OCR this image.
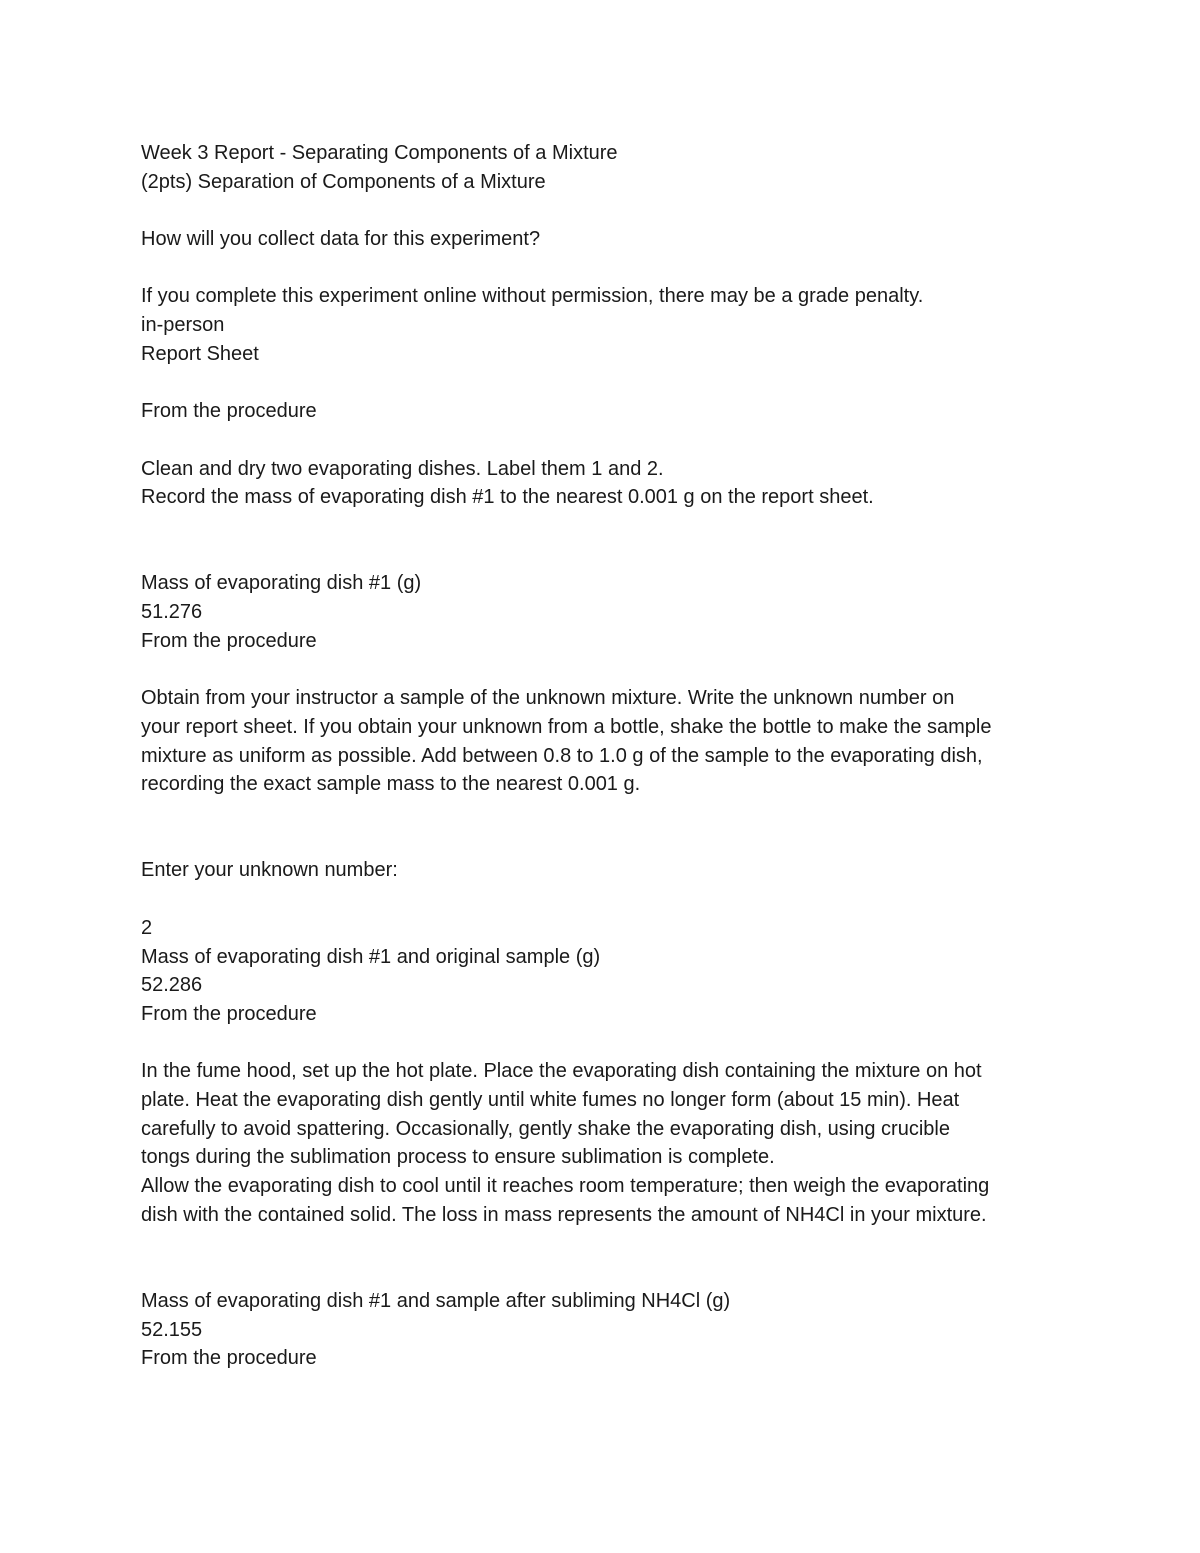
Week 3 Report - Separating Components of a Mixture
(2pts) Separation of Components of a Mixture
How will you collect data for this experiment?
If you complete this experiment online without permission, there may be a grade penalty.
in-person
Report Sheet
From the procedure
Clean and dry two evaporating dishes. Label them 1 and 2.
Record the mass of evaporating dish #1 to the nearest 0.001 g on the report sheet.
Mass of evaporating dish #1 (g)
51.276
From the procedure
Obtain from your instructor a sample of the unknown mixture. Write the unknown number on
your report sheet. If you obtain your unknown from a bottle, shake the bottle to make the sample
mixture as uniform as possible. Add between 0.8 to 1.0 g of the sample to the evaporating dish,
recording the exact sample mass to the nearest 0.001 g.
Enter your unknown number:
2
Mass of evaporating dish #1 and original sample (g)
52.286
From the procedure
In the fume hood, set up the hot plate. Place the evaporating dish containing the mixture on hot
plate. Heat the evaporating dish gently until white fumes no longer form (about 15 min). Heat
carefully to avoid spattering. Occasionally, gently shake the evaporating dish, using crucible
tongs during the sublimation process to ensure sublimation is complete.
Allow the evaporating dish to cool until it reaches room temperature; then weigh the evaporating
dish with the contained solid. The loss in mass represents the amount of NH4Cl in your mixture.
Mass of evaporating dish #1 and sample after subliming NH4Cl (g)
52.155
From the procedure
